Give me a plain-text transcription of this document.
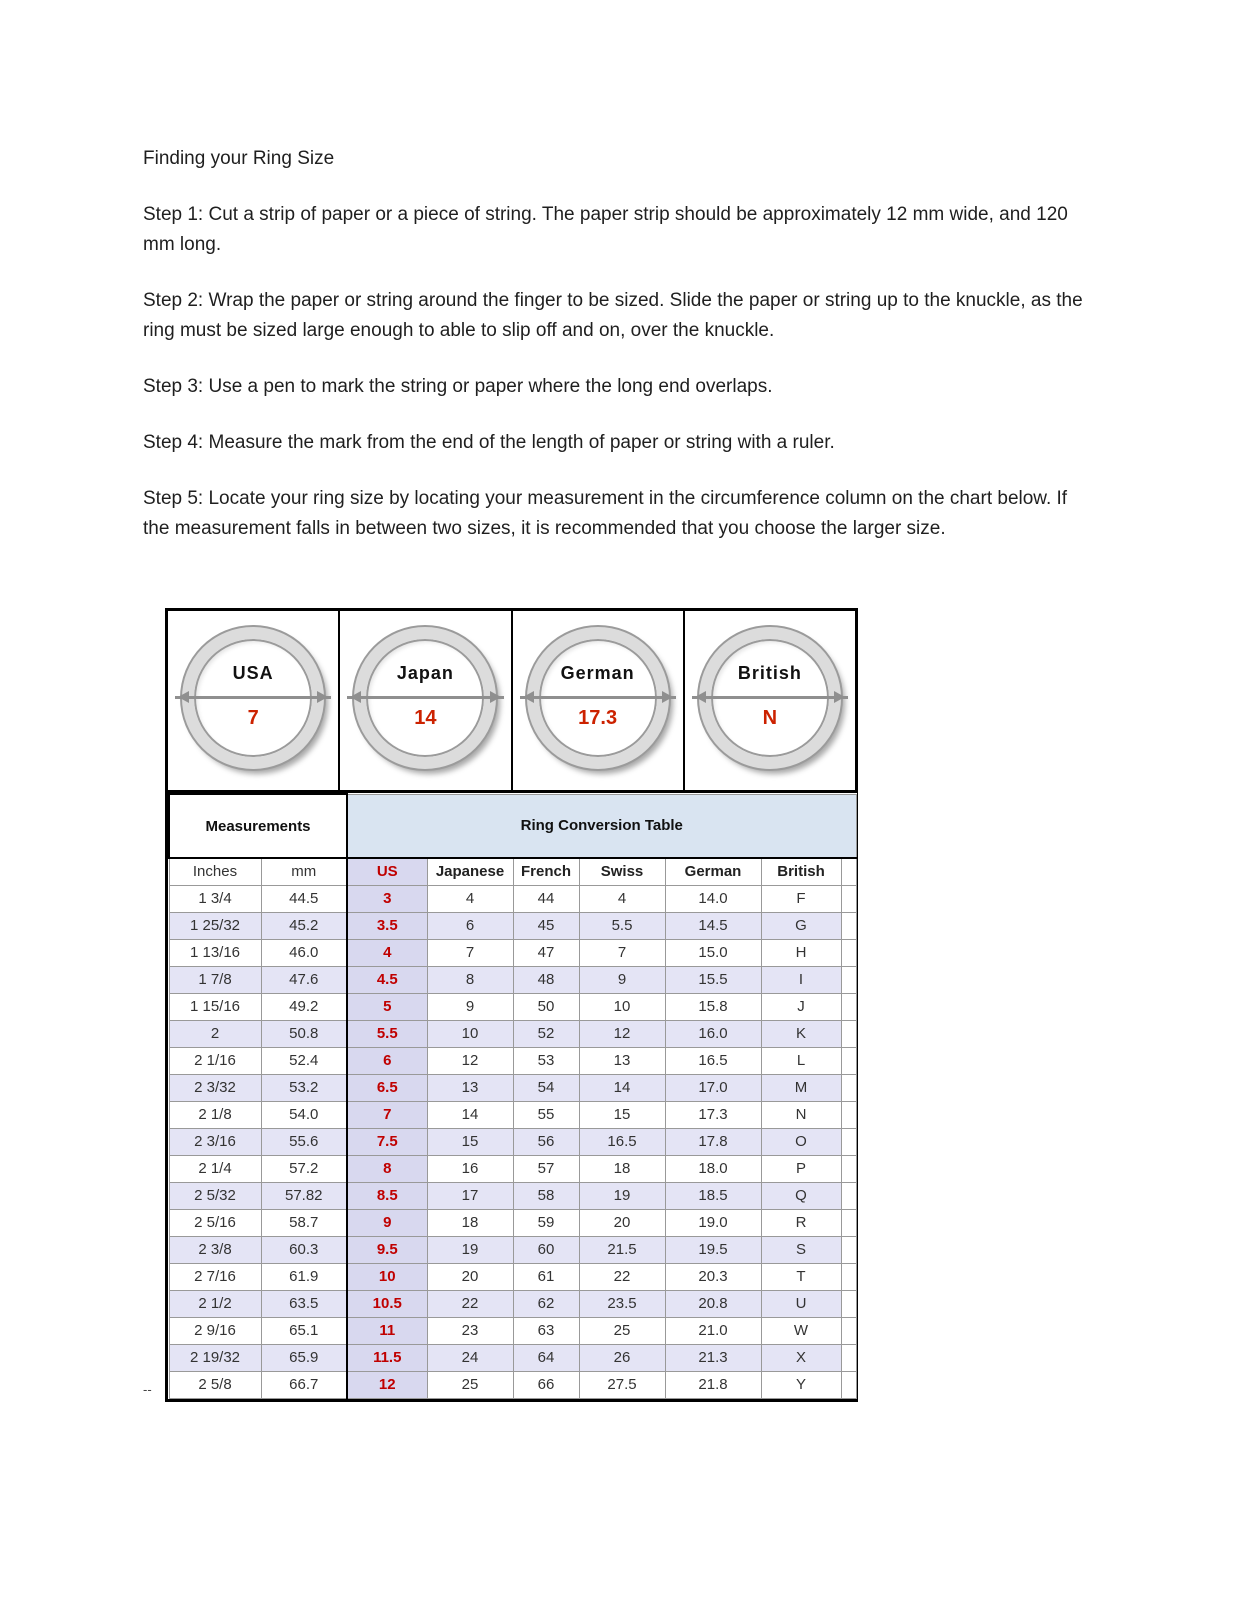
Finding your Ring Size

Step 1: Cut a strip of paper or a piece of string. The paper strip should be approximately 12 mm wide, and 120 mm long.

Step 2: Wrap the paper or string around the finger to be sized. Slide the paper or string up to the knuckle, as the ring must be sized large enough to able to slip off and on, over the knuckle.

Step 3: Use a pen to mark the string or paper where the long end overlaps.

Step 4: Measure the mark from the end of the length of paper or string with a ruler.

Step 5: Locate your ring size by locating your measurement in the circumference column on the chart below. If the measurement falls in between two sizes, it is recommended that you choose the larger size.

USA
7
Japan
14
German
17.3
British
N
Measurements		Ring Conversion Table						
Inches	mm	US	Japanese	French	Swiss	German	British	
1 3/4	44.5	3	4	44	4	14.0	F	
1 25/32	45.2	3.5	6	45	5.5	14.5	G	
1 13/16	46.0	4	7	47	7	15.0	H	
1 7/8	47.6	4.5	8	48	9	15.5	I	
1 15/16	49.2	5	9	50	10	15.8	J	
2	50.8	5.5	10	52	12	16.0	K	
2 1/16	52.4	6	12	53	13	16.5	L	
2 3/32	53.2	6.5	13	54	14	17.0	M	
2 1/8	54.0	7	14	55	15	17.3	N	
2 3/16	55.6	7.5	15	56	16.5	17.8	O	
2 1/4	57.2	8	16	57	18	18.0	P	
2 5/32	57.82	8.5	17	58	19	18.5	Q	
2 5/16	58.7	9	18	59	20	19.0	R	
2 3/8	60.3	9.5	19	60	21.5	19.5	S	
2 7/16	61.9	10	20	61	22	20.3	T	
2 1/2	63.5	10.5	22	62	23.5	20.8	U	
2 9/16	65.1	11	23	63	25	21.0	W	
2 19/32	65.9	11.5	24	64	26	21.3	X	
2 5/8	66.7	12	25	66	27.5	21.8	Y	
--
